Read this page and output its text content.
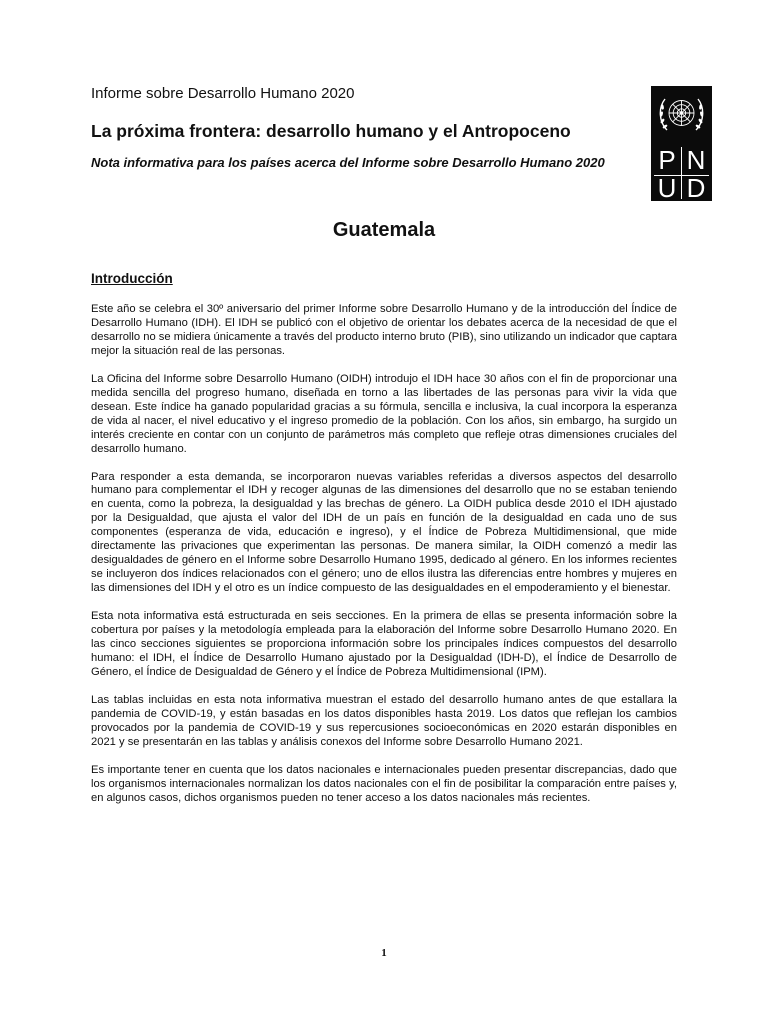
Informe sobre Desarrollo Humano 2020

La próxima frontera: desarrollo humano y el Antropoceno

Nota informativa para los países acerca del Informe sobre Desarrollo Humano 2020	P N
U D
Guatemala
Introducción

Este año se celebra el 30º aniversario del primer Informe sobre Desarrollo Humano y de la introducción del Índice de Desarrollo Humano (IDH). El IDH se publicó con el objetivo de orientar los debates acerca de la necesidad de que el desarrollo no se midiera únicamente a través del producto interno bruto (PIB), sino utilizando un indicador que captara mejor la situación real de las personas.

La Oficina del Informe sobre Desarrollo Humano (OIDH) introdujo el IDH hace 30 años con el fin de proporcionar una medida sencilla del progreso humano, diseñada en torno a las libertades de las personas para vivir la vida que desean. Este índice ha ganado popularidad gracias a su fórmula, sencilla e inclusiva, la cual incorpora la esperanza de vida al nacer, el nivel educativo y el ingreso promedio de la población. Con los años, sin embargo, ha surgido un interés creciente en contar con un conjunto de parámetros más completo que refleje otras dimensiones cruciales del desarrollo humano.

Para responder a esta demanda, se incorporaron nuevas variables referidas a diversos aspectos del desarrollo humano para complementar el IDH y recoger algunas de las dimensiones del desarrollo que no se estaban teniendo en cuenta, como la pobreza, la desigualdad y las brechas de género. La OIDH publica desde 2010 el IDH ajustado por la Desigualdad, que ajusta el valor del IDH de un país en función de la desigualdad en cada uno de sus componentes (esperanza de vida, educación e ingreso), y el Índice de Pobreza Multidimensional, que mide directamente las privaciones que experimentan las personas. De manera similar, la OIDH comenzó a medir las desigualdades de género en el Informe sobre Desarrollo Humano 1995, dedicado al género. En los informes recientes se incluyeron dos índices relacionados con el género; uno de ellos ilustra las diferencias entre hombres y mujeres en las dimensiones del IDH y el otro es un índice compuesto de las desigualdades en el empoderamiento y el bienestar.

Esta nota informativa está estructurada en seis secciones. En la primera de ellas se presenta información sobre la cobertura por países y la metodología empleada para la elaboración del Informe sobre Desarrollo Humano 2020. En las cinco secciones siguientes se proporciona información sobre los principales índices compuestos del desarrollo humano: el IDH, el Índice de Desarrollo Humano ajustado por la Desigualdad (IDH-D), el Índice de Desarrollo de Género, el Índice de Desigualdad de Género y el Índice de Pobreza Multidimensional (IPM).

Las tablas incluidas en esta nota informativa muestran el estado del desarrollo humano antes de que estallara la pandemia de COVID-19, y están basadas en los datos disponibles hasta 2019. Los datos que reflejan los cambios provocados por la pandemia de COVID-19 y sus repercusiones socioeconómicas en 2020 estarán disponibles en 2021 y se presentarán en las tablas y análisis conexos del Informe sobre Desarrollo Humano 2021.

Es importante tener en cuenta que los datos nacionales e internacionales pueden presentar discrepancias, dado que los organismos internacionales normalizan los datos nacionales con el fin de posibilitar la comparación entre países y, en algunos casos, dichos organismos pueden no tener acceso a los datos nacionales más recientes.

1
